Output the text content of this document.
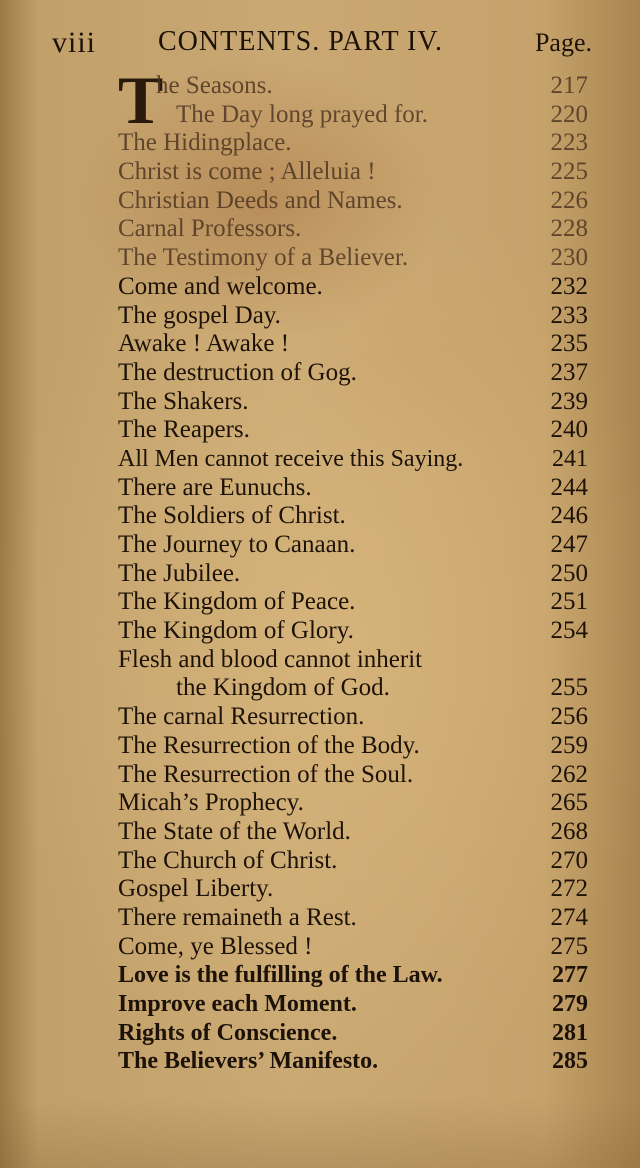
viii CONTENTS. PART IV.	Page.
T
he Seasons.	217
The Day long prayed for.	220
The Hidingplace.	223
Christ is come ; Alleluia !	225
Christian Deeds and Names.	226
Carnal Professors.	228
The Testimony of a Believer.	230
Come and welcome.	232
The gospel Day.	233
Awake ! Awake !	235
The destruction of Gog.	237
The Shakers.	239
The Reapers.	240
All Men cannot receive this Saying.	241
There are Eunuchs.	244
The Soldiers of Christ.	246
The Journey to Canaan.	247
The Jubilee.	250
The Kingdom of Peace.	251
The Kingdom of Glory.	254
Flesh and blood cannot inherit
the Kingdom of God.	255
The carnal Resurrection.	256
The Resurrection of the Body.	259
The Resurrection of the Soul.	262
Micah’s Prophecy.	265
The State of the World.	268
The Church of Christ.	270
Gospel Liberty.	272
There remaineth a Rest.	274
Come, ye Blessed !	275
Love is the fulfilling of the Law.	277
Improve each Moment.	279
Rights of Conscience.	281
The Believers’ Manifesto.	285
